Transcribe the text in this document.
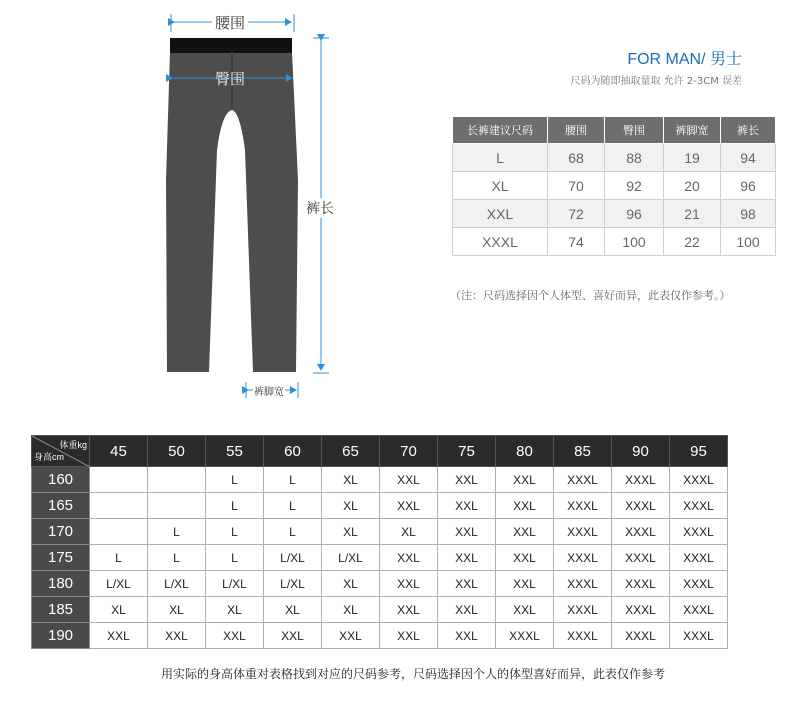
腰围
臀围
裤长
裤脚宽
FOR MAN/ 男士
尺码为随即抽取量取 允许 2-3CM 误差
长裤建议尺码	腰围	臀围	裤脚宽	裤长
L	68	88	19	94
XL	70	92	20	96
XXL	72	96	21	98
XXXL	74	100	22	100
（注：尺码选择因个人体型、喜好而异，此表仅作参考。）
体重kg
身高cm	45	50	55	60	65	70	75	80	85	90	95
160			L	L	XL	XXL	XXL	XXL	XXXL	XXXL	XXXL
165			L	L	XL	XXL	XXL	XXL	XXXL	XXXL	XXXL
170		L	L	L	XL	XL	XXL	XXL	XXXL	XXXL	XXXL
175	L	L	L	L/XL	L/XL	XXL	XXL	XXL	XXXL	XXXL	XXXL
180	L/XL	L/XL	L/XL	L/XL	XL	XXL	XXL	XXL	XXXL	XXXL	XXXL
185	XL	XL	XL	XL	XL	XXL	XXL	XXL	XXXL	XXXL	XXXL
190	XXL	XXL	XXL	XXL	XXL	XXL	XXL	XXXL	XXXL	XXXL	XXXL
用实际的身高体重对表格找到对应的尺码参考，尺码选择因个人的体型喜好而异，此表仅作参考
